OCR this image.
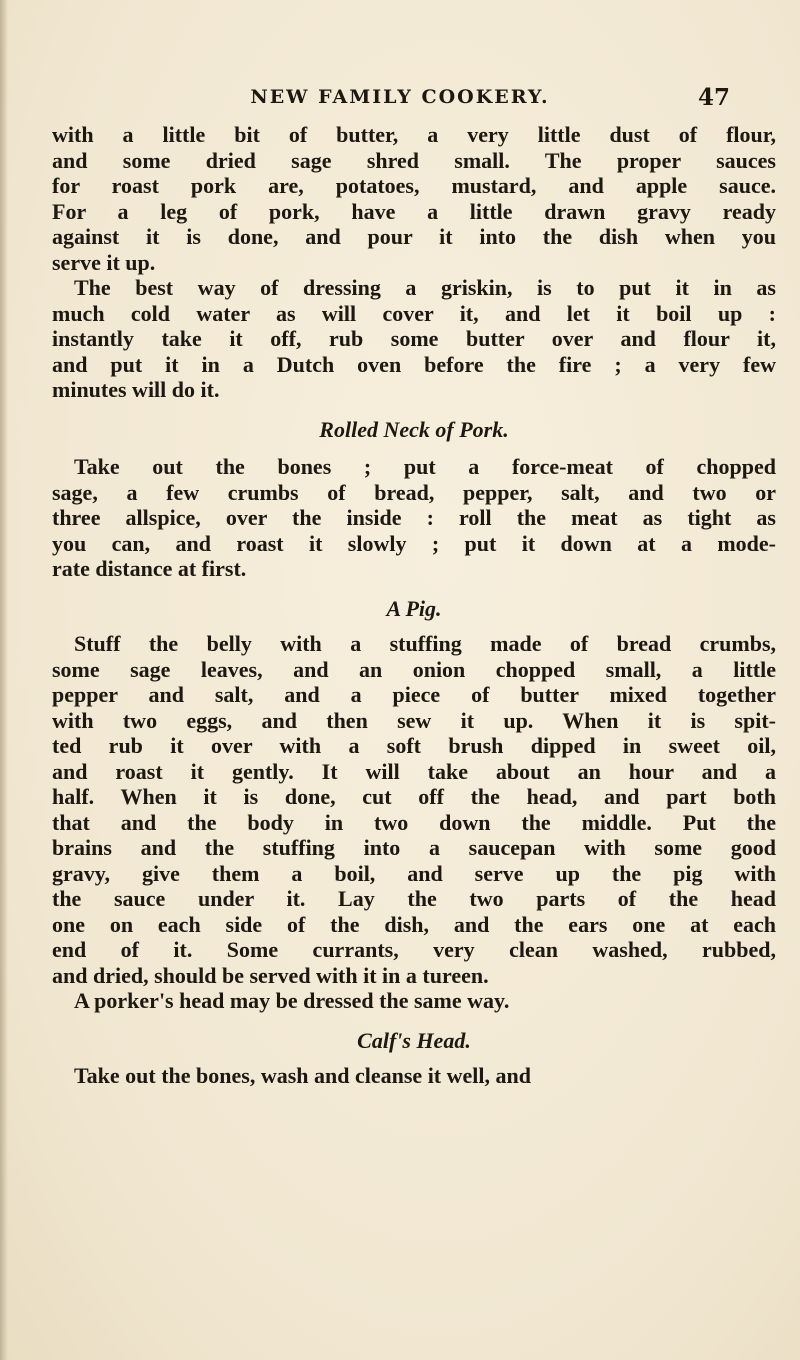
NEW FAMILY COOKERY.	47
with a little bit of butter, a very little dust of flour,
and some dried sage shred small. The proper sauces
for roast pork are, potatoes, mustard, and apple sauce.
For a leg of pork, have a little drawn gravy ready
against it is done, and pour it into the dish when you
serve it up.
The best way of dressing a griskin, is to put it in as
much cold water as will cover it, and let it boil up :
instantly take it off, rub some butter over and flour it,
and put it in a Dutch oven before the fire ; a very few
minutes will do it.
Rolled Neck of Pork.
Take out the bones ; put a force-meat of chopped
sage, a few crumbs of bread, pepper, salt, and two or
three allspice, over the inside : roll the meat as tight as
you can, and roast it slowly ; put it down at a mode-
rate distance at first.
A Pig.
Stuff the belly with a stuffing made of bread crumbs,
some sage leaves, and an onion chopped small, a little
pepper and salt, and a piece of butter mixed together
with two eggs, and then sew it up. When it is spit-
ted rub it over with a soft brush dipped in sweet oil,
and roast it gently. It will take about an hour and a
half. When it is done, cut off the head, and part both
that and the body in two down the middle. Put the
brains and the stuffing into a saucepan with some good
gravy, give them a boil, and serve up the pig with
the sauce under it. Lay the two parts of the head
one on each side of the dish, and the ears one at each
end of it. Some currants, very clean washed, rubbed,
and dried, should be served with it in a tureen.
A porker's head may be dressed the same way.
Calf's Head.
Take out the bones, wash and cleanse it well, and
